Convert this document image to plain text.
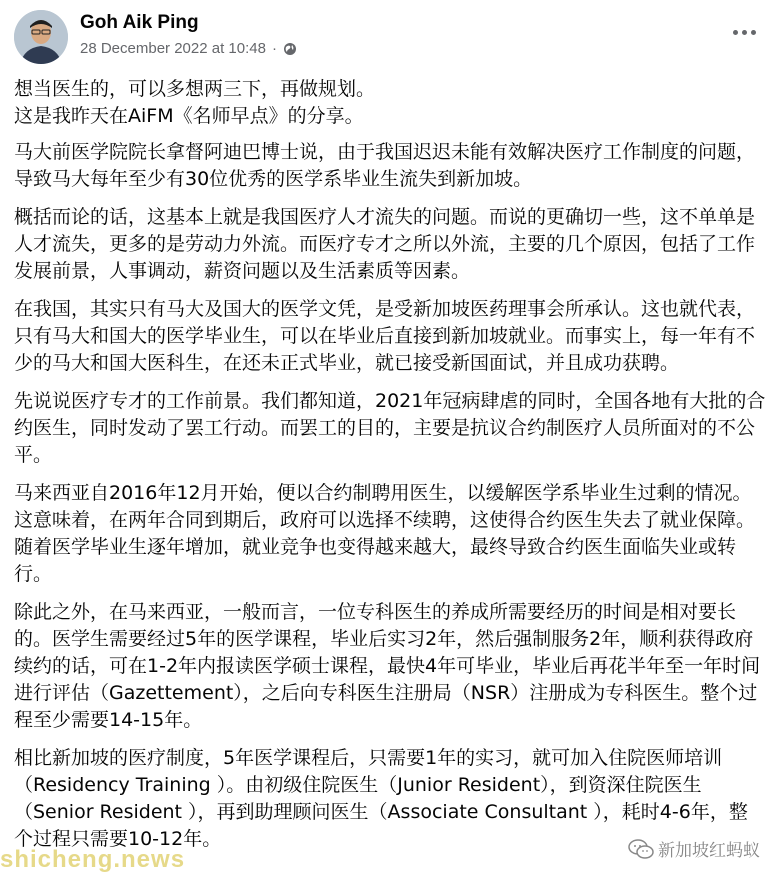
Goh Aik Ping
28 December 2022 at 10:48 ·

想当医生的，可以多想两三下，再做规划。
这是我昨天在AiFM《名师早点》的分享。

马大前医学院院长拿督阿迪巴博士说，由于我国迟迟未能有效解决医疗工作制度的问题，导致马大每年至少有30位优秀的医学系毕业生流失到新加坡。

概括而论的话，这基本上就是我国医疗人才流失的问题。而说的更确切一些，这不单单是人才流失，更多的是劳动力外流。而医疗专才之所以外流，主要的几个原因，包括了工作发展前景，人事调动，薪资问题以及生活素质等因素。

在我国，其实只有马大及国大的医学文凭，是受新加坡医药理事会所承认。这也就代表，只有马大和国大的医学毕业生，可以在毕业后直接到新加坡就业。而事实上，每一年有不少的马大和国大医科生，在还未正式毕业，就已接受新国面试，并且成功获聘。

先说说医疗专才的工作前景。我们都知道，2021年冠病肆虐的同时，全国各地有大批的合约医生，同时发动了罢工行动。而罢工的目的，主要是抗议合约制医疗人员所面对的不公平。

马来西亚自2016年12月开始，便以合约制聘用医生，以缓解医学系毕业生过剩的情况。这意味着，在两年合同到期后，政府可以选择不续聘，这使得合约医生失去了就业保障。随着医学毕业生逐年增加，就业竞争也变得越来越大，最终导致合约医生面临失业或转行。

除此之外，在马来西亚，一般而言，一位专科医生的养成所需要经历的时间是相对要长的。医学生需要经过5年的医学课程，毕业后实习2年，然后强制服务2年，顺利获得政府续约的话，可在1-2年内报读医学硕士课程，最快4年可毕业，毕业后再花半年至一年时间进行评估（Gazettement），之后向专科医生注册局（NSR）注册成为专科医生。整个过程至少需要14-15年。

相比新加坡的医疗制度，5年医学课程后，只需要1年的实习，就可加入住院医师培训（Residency Training ）。由初级住院医生（Junior Resident），到资深住院医生（Senior Resident ），再到助理顾问医生（Associate Consultant ），耗时4-6年，整个过程只需要10-12年。

shicheng.news	新加坡红蚂蚁
